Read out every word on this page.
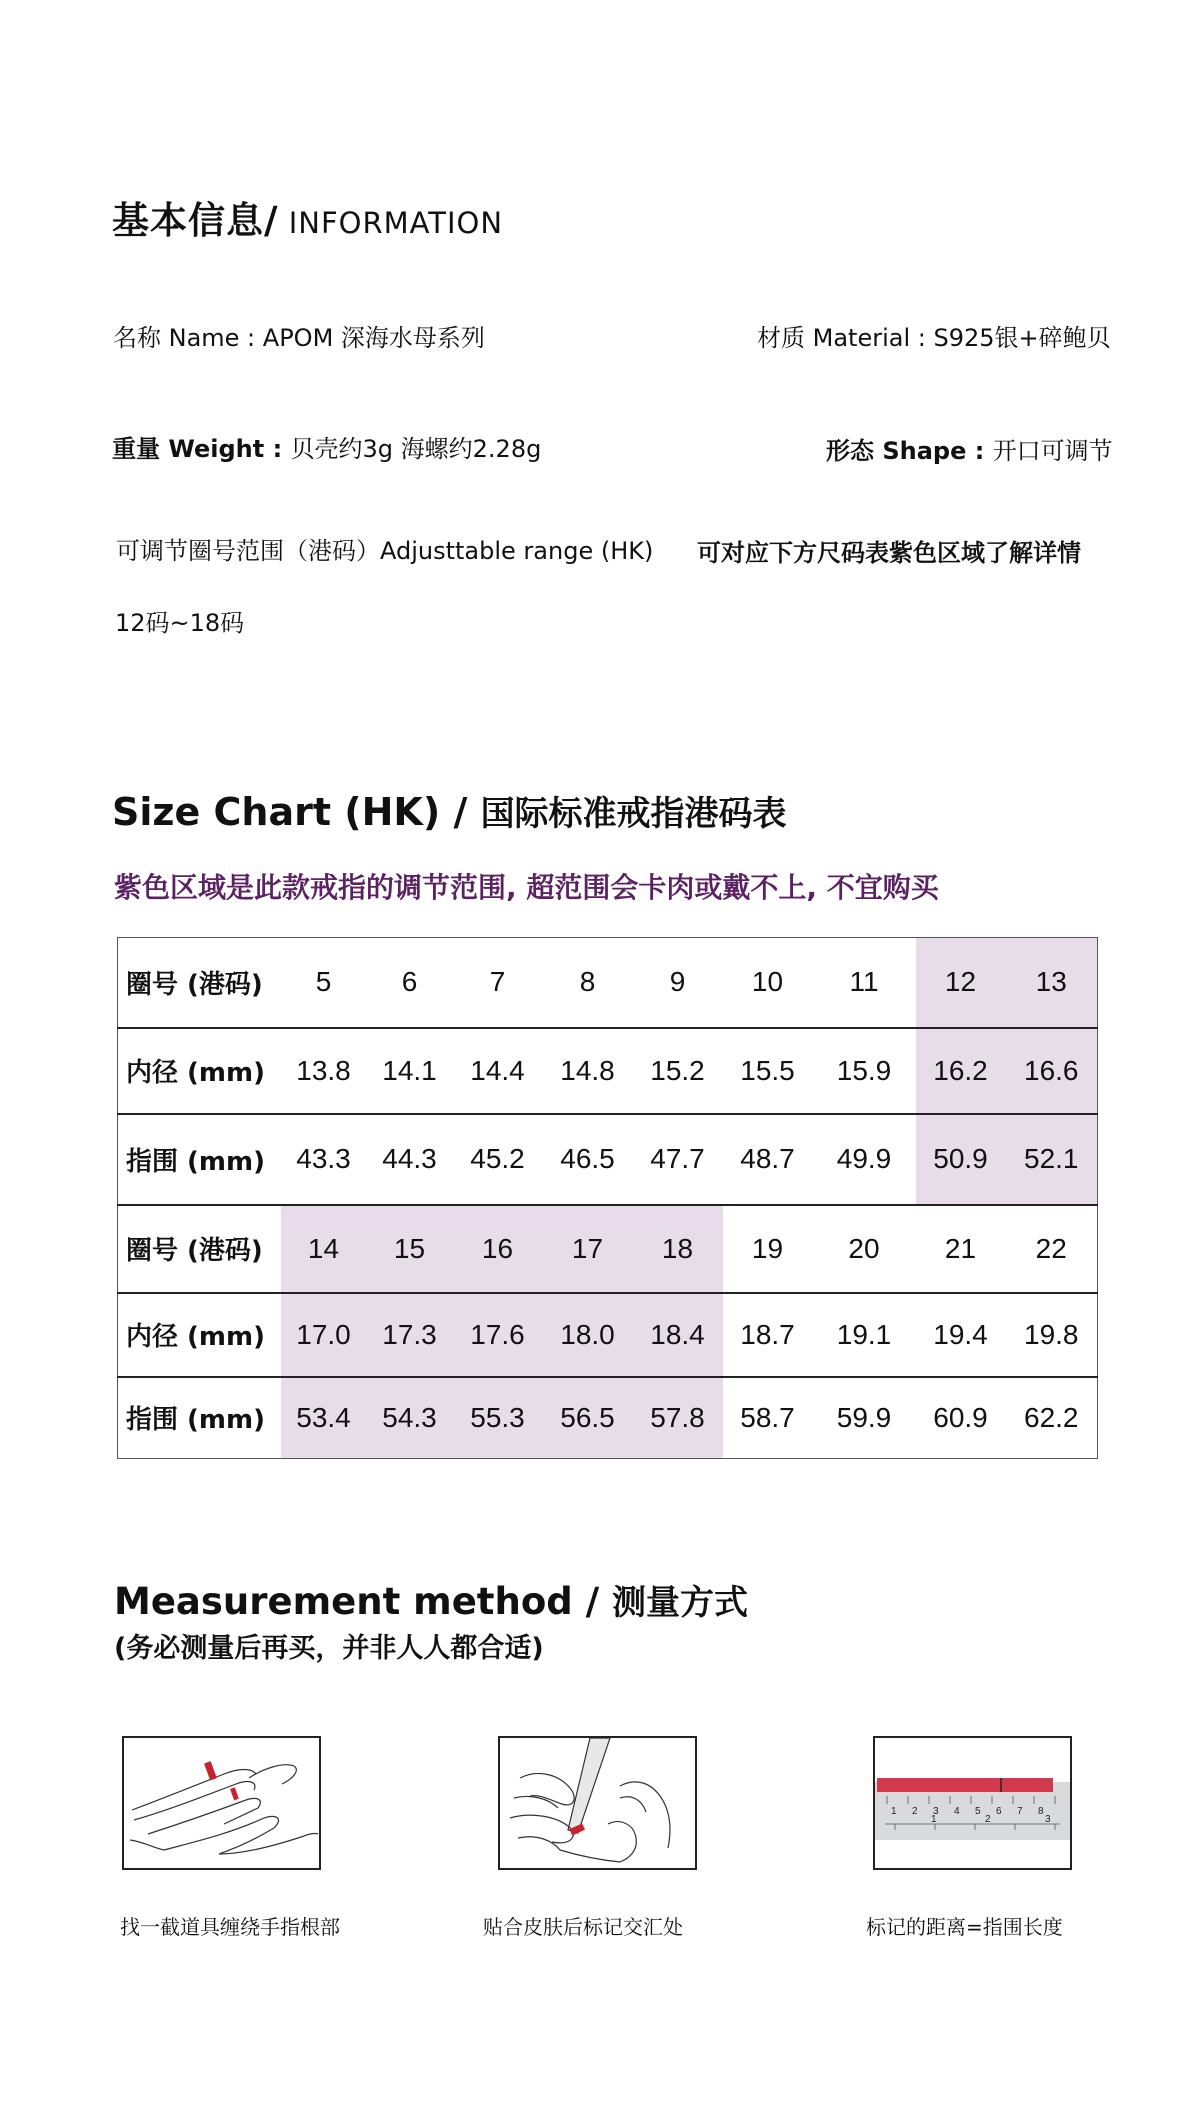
基本信息/ INFORMATION
名称 Name : APOM 深海水母系列	材质 Material : S925银+碎鲍贝
重量 Weight : 贝壳约3g 海螺约2.28g	形态 Shape : 开口可调节
可调节圈号范围（港码）Adjusttable range (HK) 可对应下方尺码表紫色区域了解详情
12码~18码
Size Chart (HK) / 国际标准戒指港码表
紫色区域是此款戒指的调节范围, 超范围会卡肉或戴不上, 不宜购买
圈号 (港码)	5	6	7	8	9	10	11	12	13
内径 (mm)	13.8	14.1	14.4	14.8	15.2	15.5	15.9	16.2	16.6
指围 (mm)	43.3	44.3	45.2	46.5	47.7	48.7	49.9	50.9	52.1
圈号 (港码)	14	15	16	17	18	19	20	21	22
内径 (mm)	17.0	17.3	17.6	18.0	18.4	18.7	19.1	19.4	19.8
指围 (mm)	53.4	54.3	55.3	56.5	57.8	58.7	59.9	60.9	62.2
Measurement method / 测量方式
(务必测量后再买，并非人人都合适)
1 2 3 4 5 6 7 8
1	2	3
找一截道具缠绕手指根部	贴合皮肤后标记交汇处	标记的距离=指围长度
